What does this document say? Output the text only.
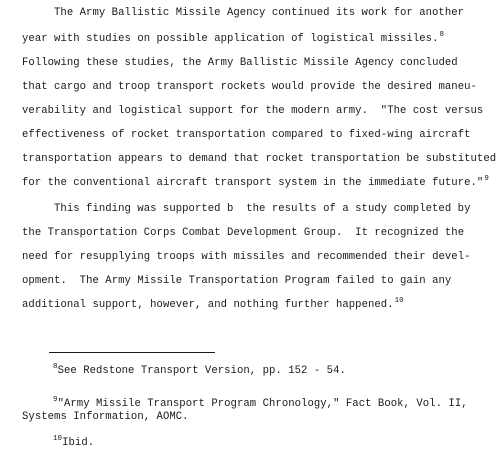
The Army Ballistic Missile Agency continued its work for another
year with studies on possible application of logistical missiles.$^8$
Following these studies, the Army Ballistic Missile Agency concluded
that cargo and troop transport rockets would provide the desired maneu-
verability and logistical support for the modern army.  "The cost versus
effectiveness of rocket transportation compared to fixed-wing aircraft
transportation appears to demand that rocket transportation be substituted
for the conventional aircraft transport system in the immediate future."$^9$
This finding was supported b  the results of a study completed by
the Transportation Corps Combat Development Group.  It recognized the
need for resupplying troops with missiles and recommended their devel-
opment.  The Army Missile Transportation Program failed to gain any
additional support, however, and nothing further happened.$^{10}$
$^8$See Redstone Transport Version, pp. 152 - 54.
$^9$"Army Missile Transport Program Chronology," Fact Book, Vol. II,
Systems Information, AOMC.
$^{10}$Ibid.
